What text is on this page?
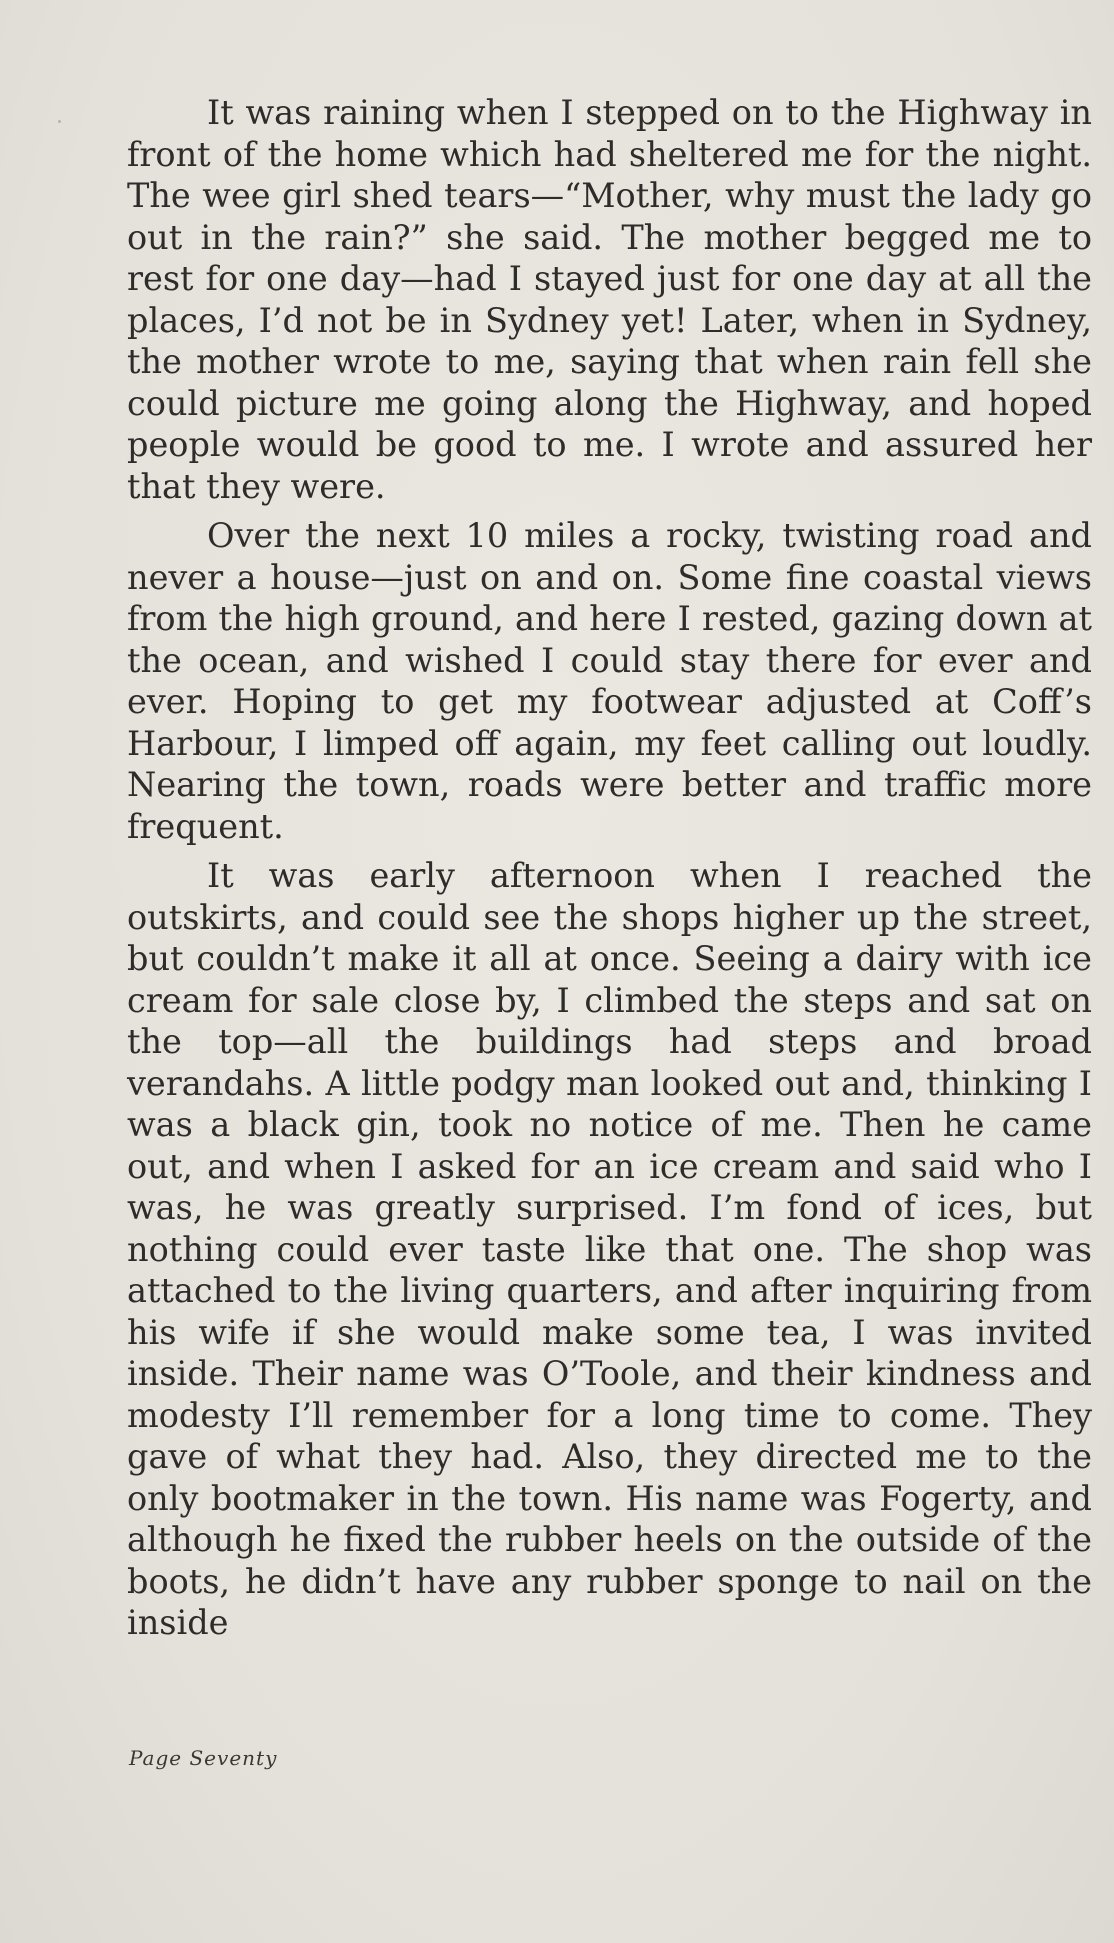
It was raining when I stepped on to the Highway in front of the home which had sheltered me for the night. The wee girl shed tears—“Mother, why must the lady go out in the rain?” she said. The mother begged me to rest for one day—had I stayed just for one day at all the places, I’d not be in Sydney yet! Later, when in Sydney, the mother wrote to me, saying that when rain fell she could picture me going along the Highway, and hoped people would be good to me. I wrote and assured her that they were.

Over the next 10 miles a rocky, twisting road and never a house—just on and on. Some fine coastal views from the high ground, and here I rested, gazing down at the ocean, and wished I could stay there for ever and ever. Hoping to get my footwear adjusted at Coff’s Harbour, I limped off again, my feet calling out loudly. Nearing the town, roads were better and traffic more frequent.

It was early afternoon when I reached the outskirts, and could see the shops higher up the street, but couldn’t make it all at once. Seeing a dairy with ice cream for sale close by, I climbed the steps and sat on the top—all the buildings had steps and broad verandahs. A little podgy man looked out and, thinking I was a black gin, took no notice of me. Then he came out, and when I asked for an ice cream and said who I was, he was greatly surprised. I’m fond of ices, but nothing could ever taste like that one. The shop was attached to the living quarters, and after inquiring from his wife if she would make some tea, I was invited inside. Their name was O’Toole, and their kindness and modesty I’ll remember for a long time to come. They gave of what they had. Also, they directed me to the only bootmaker in the town. His name was Fogerty, and although he fixed the rubber heels on the outside of the boots, he didn’t have any rubber sponge to nail on the inside

Page Seventy
